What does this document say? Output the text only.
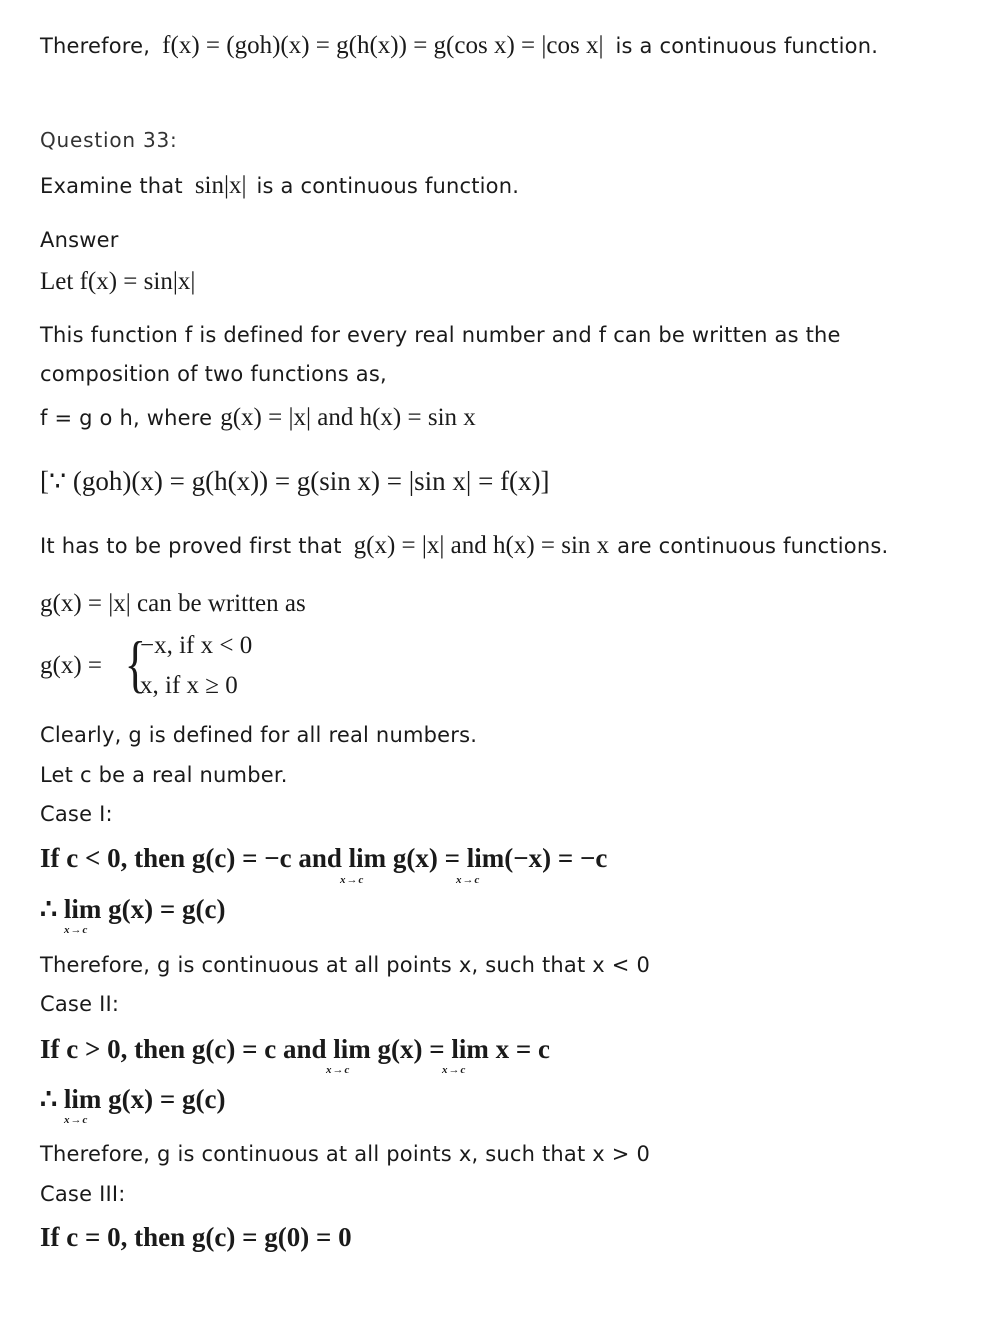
Therefore, f(x) = (goh)(x) = g(h(x)) = g(cos x) = |cos x| is a continuous function.
Question 33:
Examine that sin|x| is a continuous function.
Answer
Let f(x) = sin|x|
This function f is defined for every real number and f can be written as the
composition of two functions as,
f = g o h, where g(x) = |x| and h(x) = sin x
[∵ (goh)(x) = g(h(x)) = g(sin x) = |sin x| = f(x)]
It has to be proved first that g(x) = |x| and h(x) = sin x are continuous functions.
g(x) = |x| can be written as
g(x) = {
−x, if x < 0
x, if x ≥ 0
Clearly, g is defined for all real numbers.
Let c be a real number.
Case I:
If c < 0, then g(c) = −c and lim g(x) = lim(−x) = −c
x→c	x→c
∴ lim g(x) = g(c)
x→c
Therefore, g is continuous at all points x, such that x < 0
Case II:
If c > 0, then g(c) = c and lim g(x) = lim x = c
x→c	x→c
∴ lim g(x) = g(c)
x→c
Therefore, g is continuous at all points x, such that x > 0
Case III:
If c = 0, then g(c) = g(0) = 0
